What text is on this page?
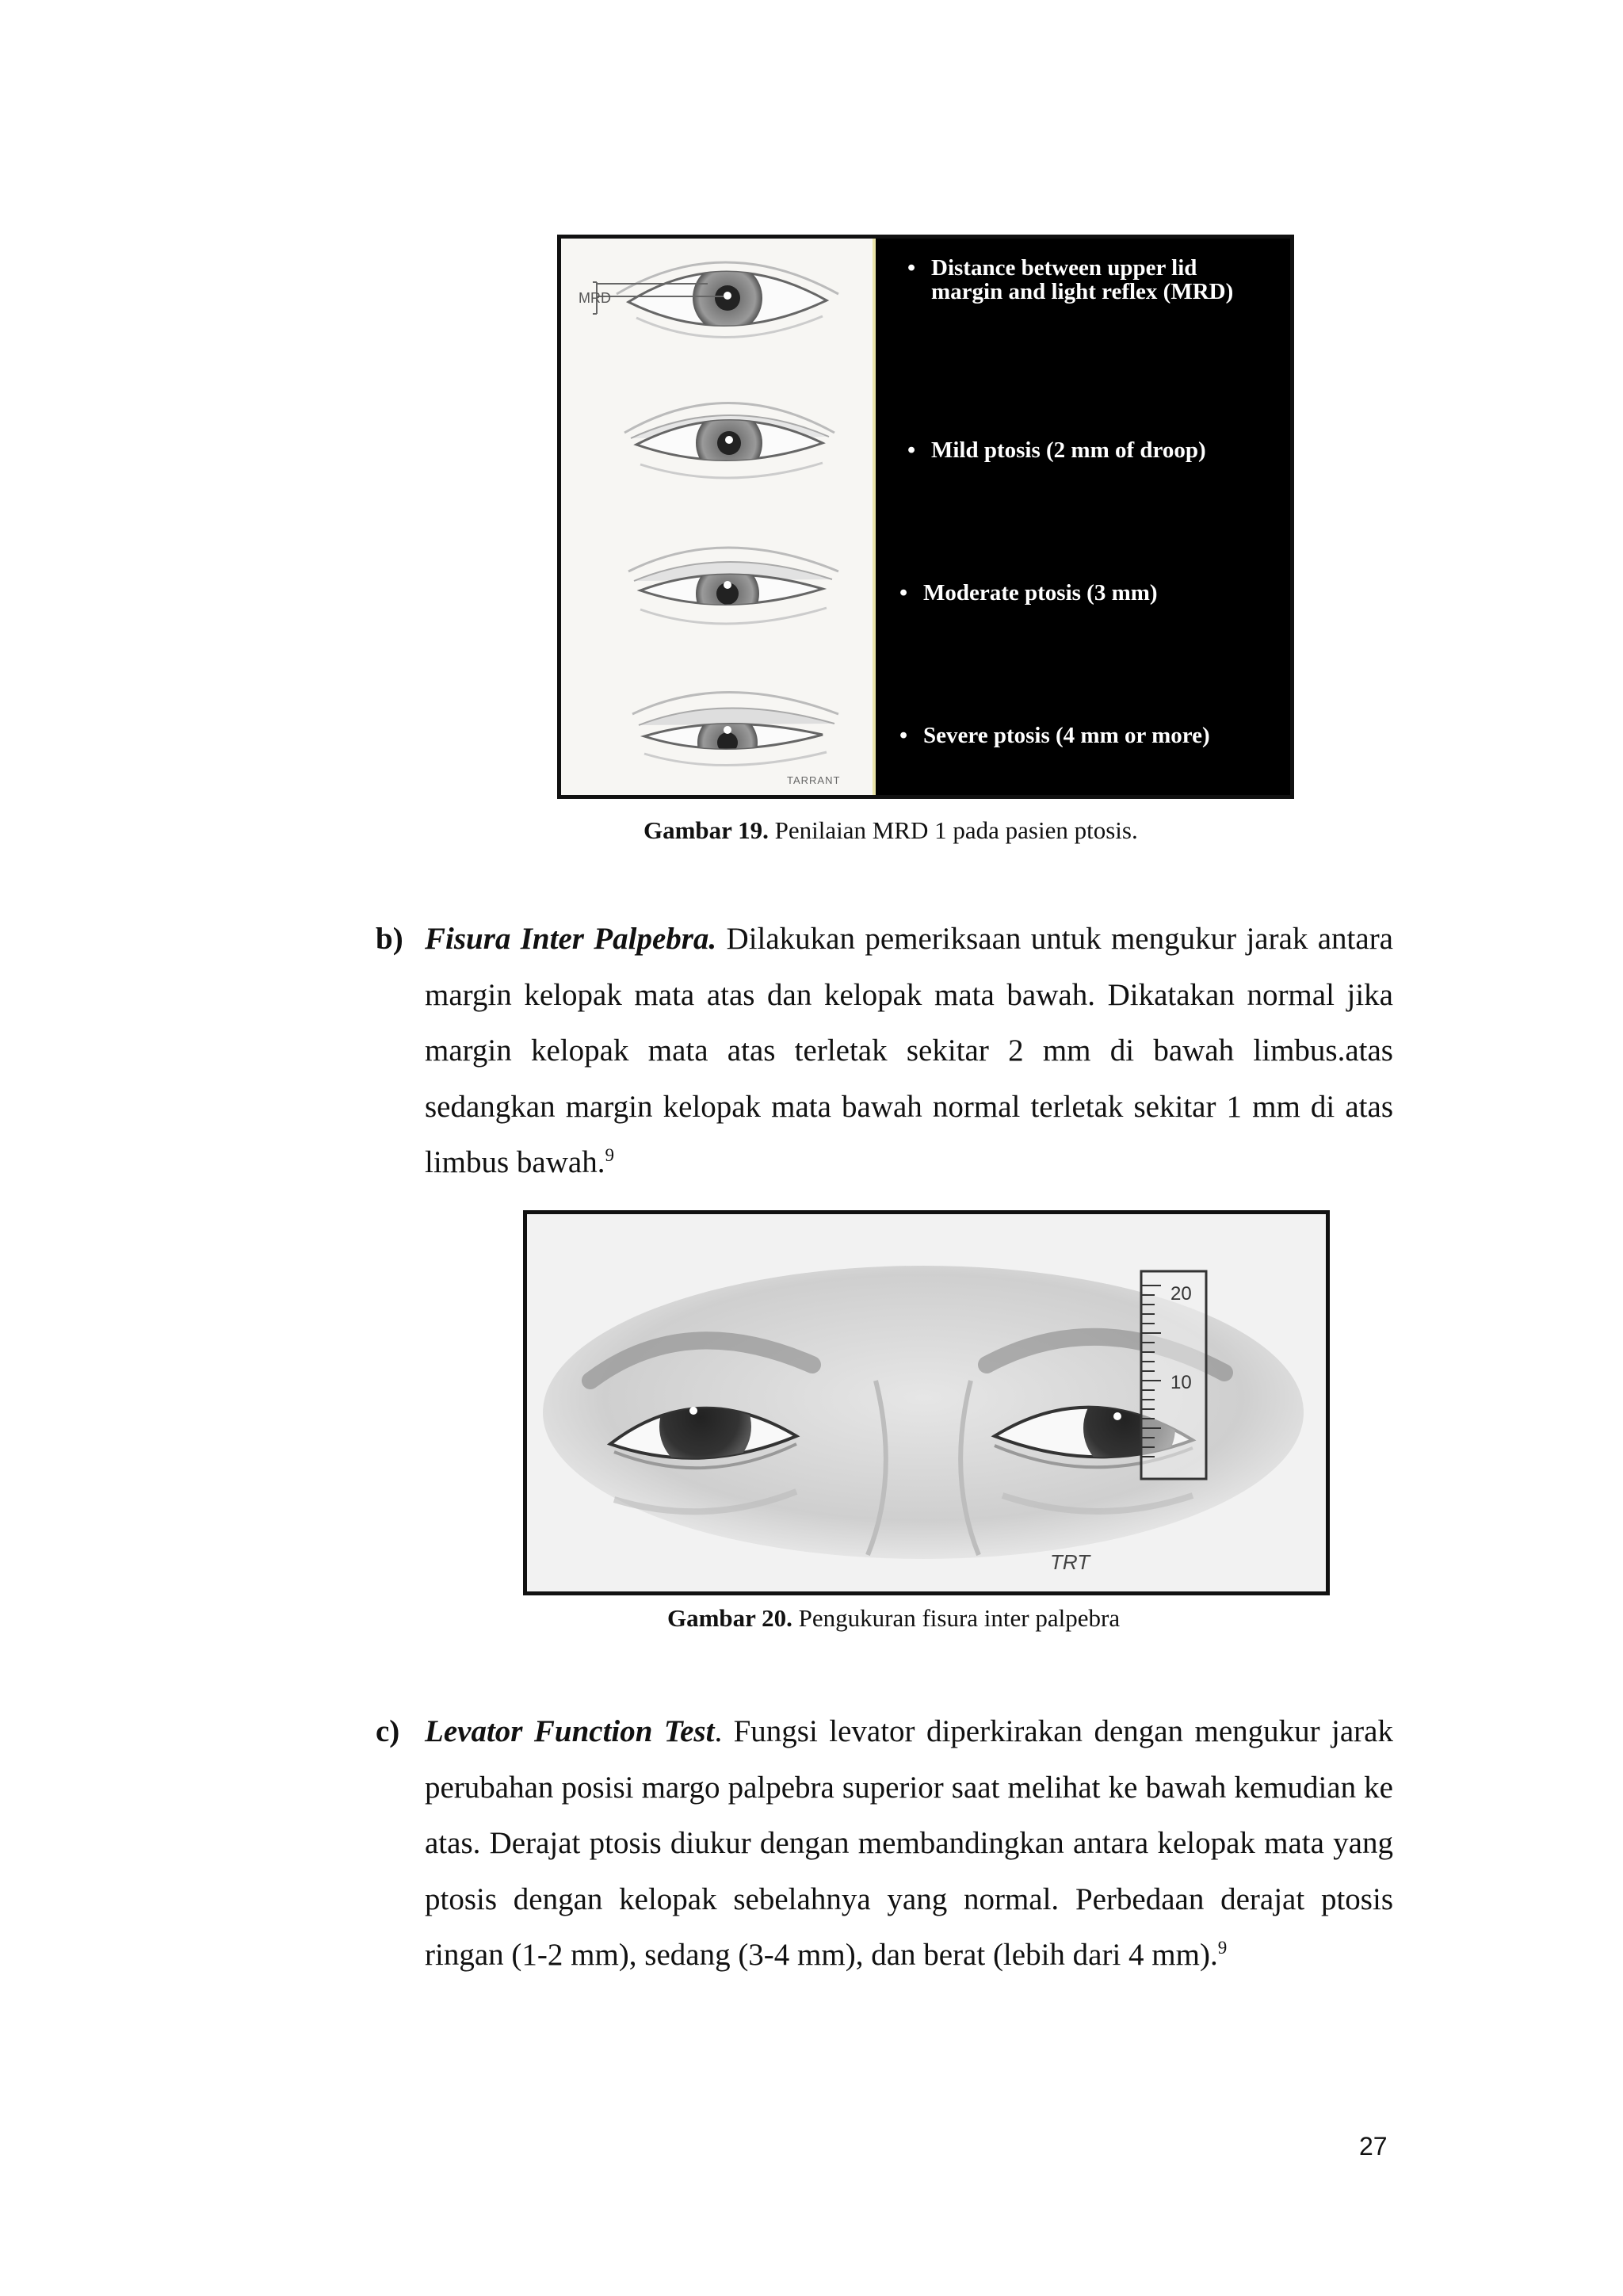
MRD
TARRANT
• Distance between upper lid
margin and light reflex (MRD)
• Mild ptosis (2 mm of droop)
• Moderate ptosis (3 mm)
• Severe ptosis (4 mm or more)
Gambar 19. Penilaian MRD 1 pada pasien ptosis.
b) Fisura Inter Palpebra. Dilakukan pemeriksaan untuk mengukur jarak antara margin kelopak mata atas dan kelopak mata bawah. Dikatakan normal jika margin kelopak mata atas terletak sekitar 2 mm di bawah limbus.atas sedangkan margin kelopak mata bawah normal terletak sekitar 1 mm di atas limbus bawah.$^9$
20
10
TRT
Gambar 20. Pengukuran fisura inter palpebra
c) Levator Function Test. Fungsi levator diperkirakan dengan mengukur jarak perubahan posisi margo palpebra superior saat melihat ke bawah kemudian ke atas. Derajat ptosis diukur dengan membandingkan antara kelopak mata yang ptosis dengan kelopak sebelahnya yang normal. Perbedaan derajat ptosis ringan (1-2 mm), sedang (3-4 mm), dan berat (lebih dari 4 mm).$^9$
27
